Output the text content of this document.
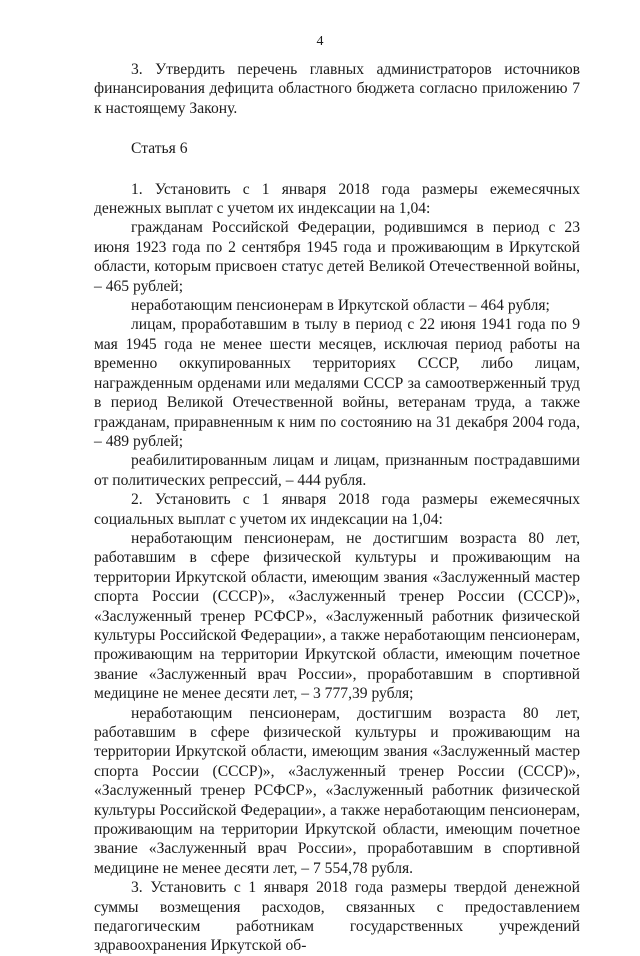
4

3. Утвердить перечень главных администраторов источников финансирования дефицита областного бюджета согласно приложению 7 к настоящему Закону.

Статья 6

1. Установить с 1 января 2018 года размеры ежемесячных денежных выплат с учетом их индексации на 1,04:

гражданам Российской Федерации, родившимся в период с 23 июня 1923 года по 2 сентября 1945 года и проживающим в Иркутской области, которым присвоен статус детей Великой Отечественной войны, – 465 рублей;

неработающим пенсионерам в Иркутской области – 464 рубля;

лицам, проработавшим в тылу в период с 22 июня 1941 года по 9 мая 1945 года не менее шести месяцев, исключая период работы на временно оккупированных территориях СССР, либо лицам, награжденным орденами или медалями СССР за самоотверженный труд в период Великой Отечественной войны, ветеранам труда, а также гражданам, приравненным к ним по состоянию на 31 декабря 2004 года, – 489 рублей;

реабилитированным лицам и лицам, признанным пострадавшими от политических репрессий, – 444 рубля.

2. Установить с 1 января 2018 года размеры ежемесячных социальных выплат с учетом их индексации на 1,04:

неработающим пенсионерам, не достигшим возраста 80 лет, работавшим в сфере физической культуры и проживающим на территории Иркутской области, имеющим звания «Заслуженный мастер спорта России (СССР)», «Заслуженный тренер России (СССР)», «Заслуженный тренер РСФСР», «Заслуженный работник физической культуры Российской Федерации», а также неработающим пенсионерам, проживающим на территории Иркутской области, имеющим почетное звание «Заслуженный врач России», проработавшим в спортивной медицине не менее десяти лет, – 3 777,39 рубля;

неработающим пенсионерам, достигшим возраста 80 лет, работавшим в сфере физической культуры и проживающим на территории Иркутской области, имеющим звания «Заслуженный мастер спорта России (СССР)», «Заслуженный тренер России (СССР)», «Заслуженный тренер РСФСР», «Заслуженный работник физической культуры Российской Федерации», а также неработающим пенсионерам, проживающим на территории Иркутской области, имеющим почетное звание «Заслуженный врач России», проработавшим в спортивной медицине не менее десяти лет, – 7 554,78 рубля.

3. Установить с 1 января 2018 года размеры твердой денежной суммы возмещения расходов, связанных с предоставлением педагогическим работникам государственных учреждений здравоохранения Иркутской об-
